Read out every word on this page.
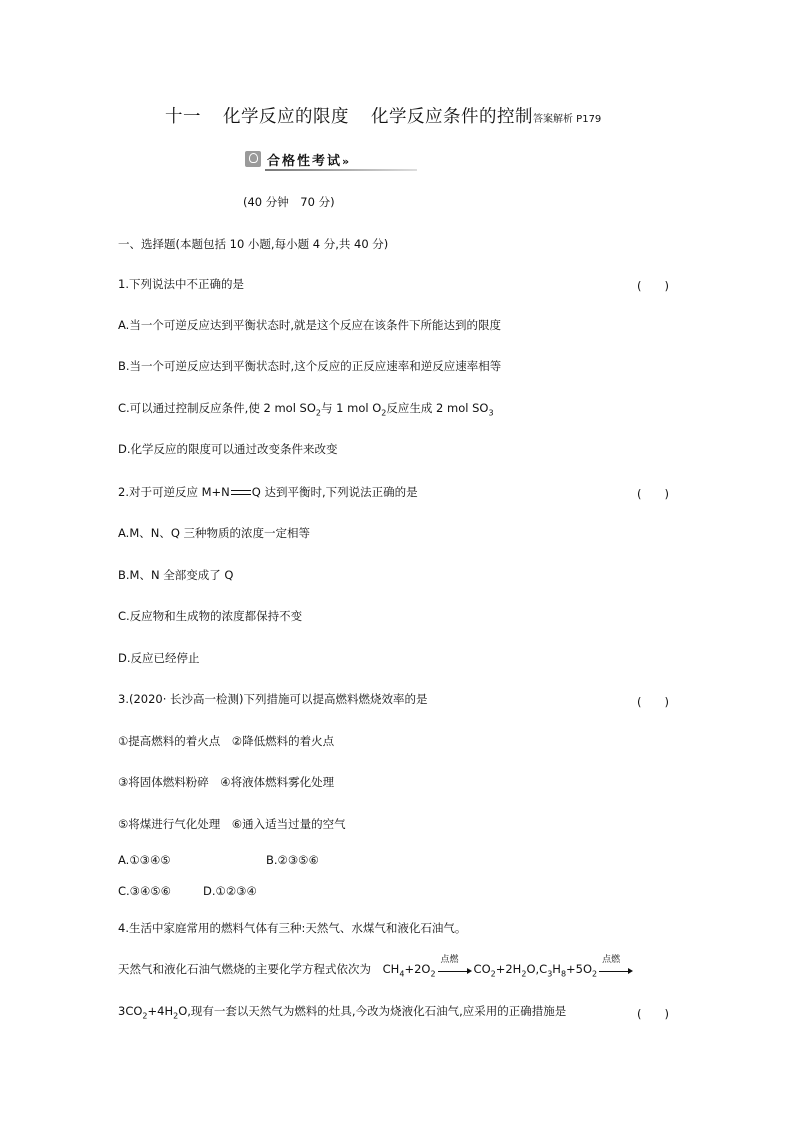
十一 化学反应的限度 化学反应条件的控制答案解析 P179
合格性考试»
(40 分钟　70 分)
一、选择题(本题包括 10 小题,每小题 4 分,共 40 分)
1.下列说法中不正确的是	(　　)
A.当一个可逆反应达到平衡状态时,就是这个反应在该条件下所能达到的限度
B.当一个可逆反应达到平衡状态时,这个反应的正反应速率和逆反应速率相等
C.可以通过控制反应条件,使 2 mol $SO_2$与 1 mol $O_2$反应生成 2 mol $SO_3$
D.化学反应的限度可以通过改变条件来改变
2.对于可逆反应 M+N Q 达到平衡时,下列说法正确的是	(　　)
A.M、N、Q 三种物质的浓度一定相等
B.M、N 全部变成了 Q
C.反应物和生成物的浓度都保持不变
D.反应已经停止
3.(2020· 长沙高一检测)下列措施可以提高燃料燃烧效率的是	(　　)
①提高燃料的着火点　②降低燃料的着火点
③将固体燃料粉碎　④将液体燃料雾化处理
⑤将煤进行气化处理　⑥通入适当过量的空气
A.①③④⑤	B.②③⑤⑥
C.③④⑤⑥	D.①②③④
4.生活中家庭常用的燃料气体有三种:天然气、水煤气和液化石油气。
天然气和液化石油气燃烧的主要化学方程式依次为 $CH_4+2O_2$
点燃
$CO_2+2H_2O,C_3H_8+5O_2$
点燃
$3CO_2+4H_2O$,现有一套以天然气为燃料的灶具,今改为烧液化石油气,应采用的正确措施是	(　　)
